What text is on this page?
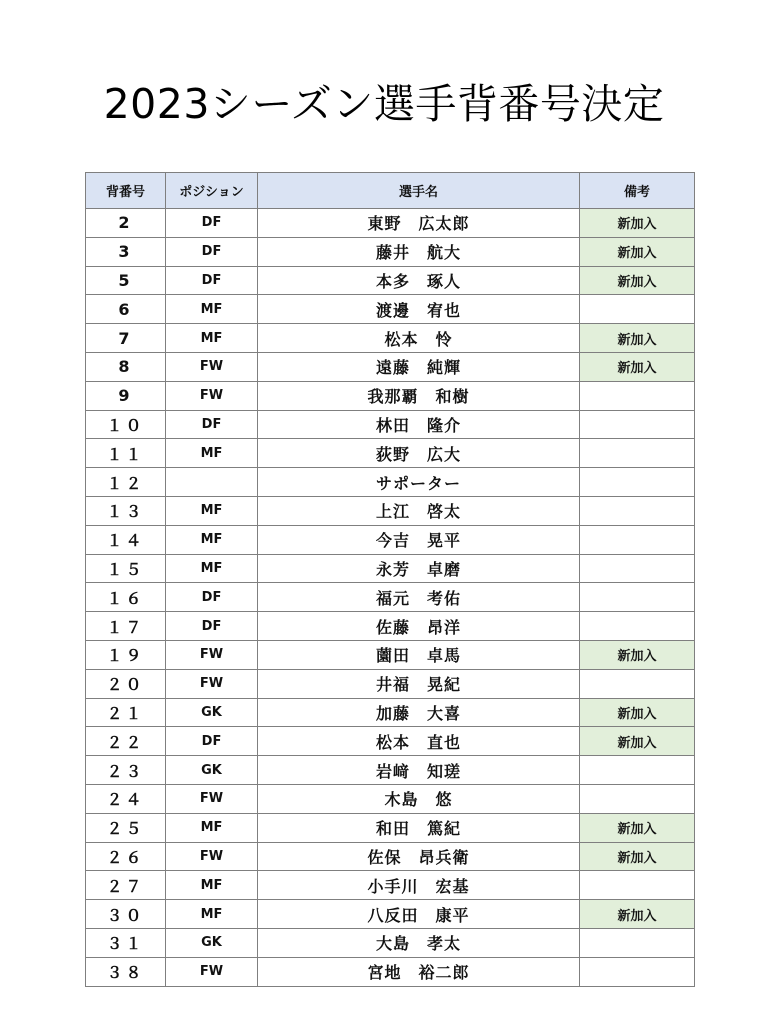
2023シーズン選手背番号決定
背番号	ポジション	選手名	備考
2	DF	東野　広太郎	新加入
3	DF	藤井　航大	新加入
5	DF	本多　琢人	新加入
6	MF	渡邊　宥也	
7	MF	松本　怜	新加入
8	FW	遠藤　純輝	新加入
9	FW	我那覇　和樹	
１０	DF	林田　隆介	
１１	MF	荻野　広大	
１２		サポーター	
１３	MF	上江　啓太	
１４	MF	今吉　晃平	
１５	MF	永芳　卓磨	
１６	DF	福元　考佑	
１７	DF	佐藤　昂洋	
１９	FW	薗田　卓馬	新加入
２０	FW	井福　晃紀	
２１	GK	加藤　大喜	新加入
２２	DF	松本　直也	新加入
２３	GK	岩﨑　知瑳	
２４	FW	木島　悠	
２５	MF	和田　篤紀	新加入
２６	FW	佐保　昂兵衛	新加入
２７	MF	小手川　宏基	
３０	MF	八反田　康平	新加入
３１	GK	大島　孝太	
３８	FW	宮地　裕二郎	
